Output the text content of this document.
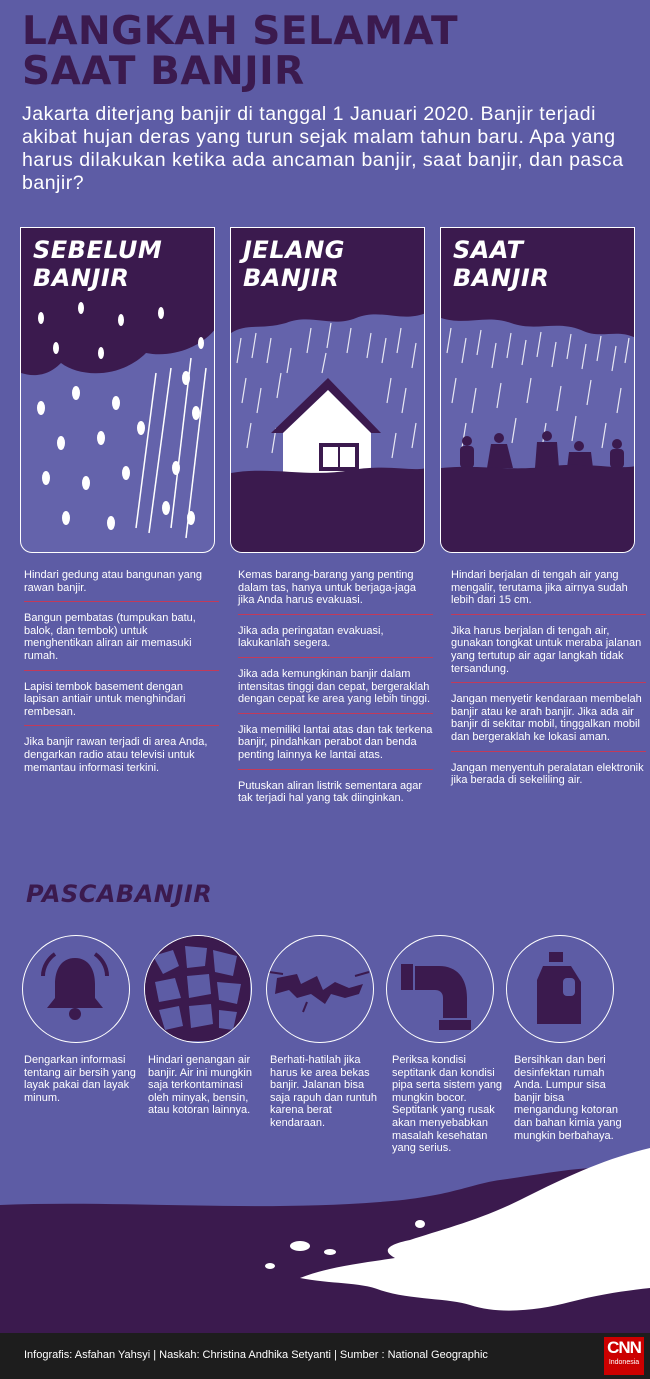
LANGKAH SELAMAT
SAAT BANJIR

Jakarta diterjang banjir di tanggal 1 Januari 2020. Banjir terjadi akibat hujan deras yang turun sejak malam tahun baru. Apa yang harus dilakukan ketika ada ancaman banjir, saat banjir, dan pasca banjir?

SEBELUM
BANJIR
JELANG
BANJIR
SAAT
BANJIR
Hindari gedung atau bangunan yang rawan banjir.
Bangun pembatas (tumpukan batu, balok, dan tembok) untuk menghentikan aliran air memasuki rumah.
Lapisi tembok basement dengan lapisan antiair untuk menghindari rembesan.
Jika banjir rawan terjadi di area Anda, dengarkan radio atau televisi untuk memantau informasi terkini.
Kemas barang-barang yang penting dalam tas, hanya untuk berjaga-jaga jika Anda harus evakuasi.
Jika ada peringatan evakuasi, lakukanlah segera.
Jika ada kemungkinan banjir dalam intensitas tinggi dan cepat, bergeraklah dengan cepat ke area yang lebih tinggi.
Jika memiliki lantai atas dan tak terkena banjir, pindahkan perabot dan benda penting lainnya ke lantai atas.
Putuskan aliran listrik sementara agar tak terjadi hal yang tak diinginkan.
Hindari berjalan di tengah air yang mengalir, terutama jika airnya sudah lebih dari 15 cm.
Jika harus berjalan di tengah air, gunakan tongkat untuk meraba jalanan yang tertutup air agar langkah tidak tersandung.
Jangan menyetir kendaraan membelah banjir atau ke arah banjir. Jika ada air banjir di sekitar mobil, tinggalkan mobil dan bergeraklah ke lokasi aman.
Jangan menyentuh peralatan elektronik jika berada di sekeliling air.
PASCABANJIR
Dengarkan informasi tentang air bersih yang layak pakai dan layak minum.
Hindari genangan air banjir. Air ini mungkin saja terkontaminasi oleh minyak, bensin, atau kotoran lainnya.
Berhati-hatilah jika harus ke area bekas banjir. Jalanan bisa saja rapuh dan runtuh karena berat kendaraan.
Periksa kondisi septitank dan kondisi pipa serta sistem yang mungkin bocor. Septitank yang rusak akan menyebabkan masalah kesehatan yang serius.
Bersihkan dan beri desinfektan rumah Anda. Lumpur sisa banjir bisa mengandung kotoran dan bahan kimia yang mungkin berbahaya.
Infografis: Asfahan Yahsyi | Naskah: Christina Andhika Setyanti | Sumber : National Geographic	CNN
Indonesia
